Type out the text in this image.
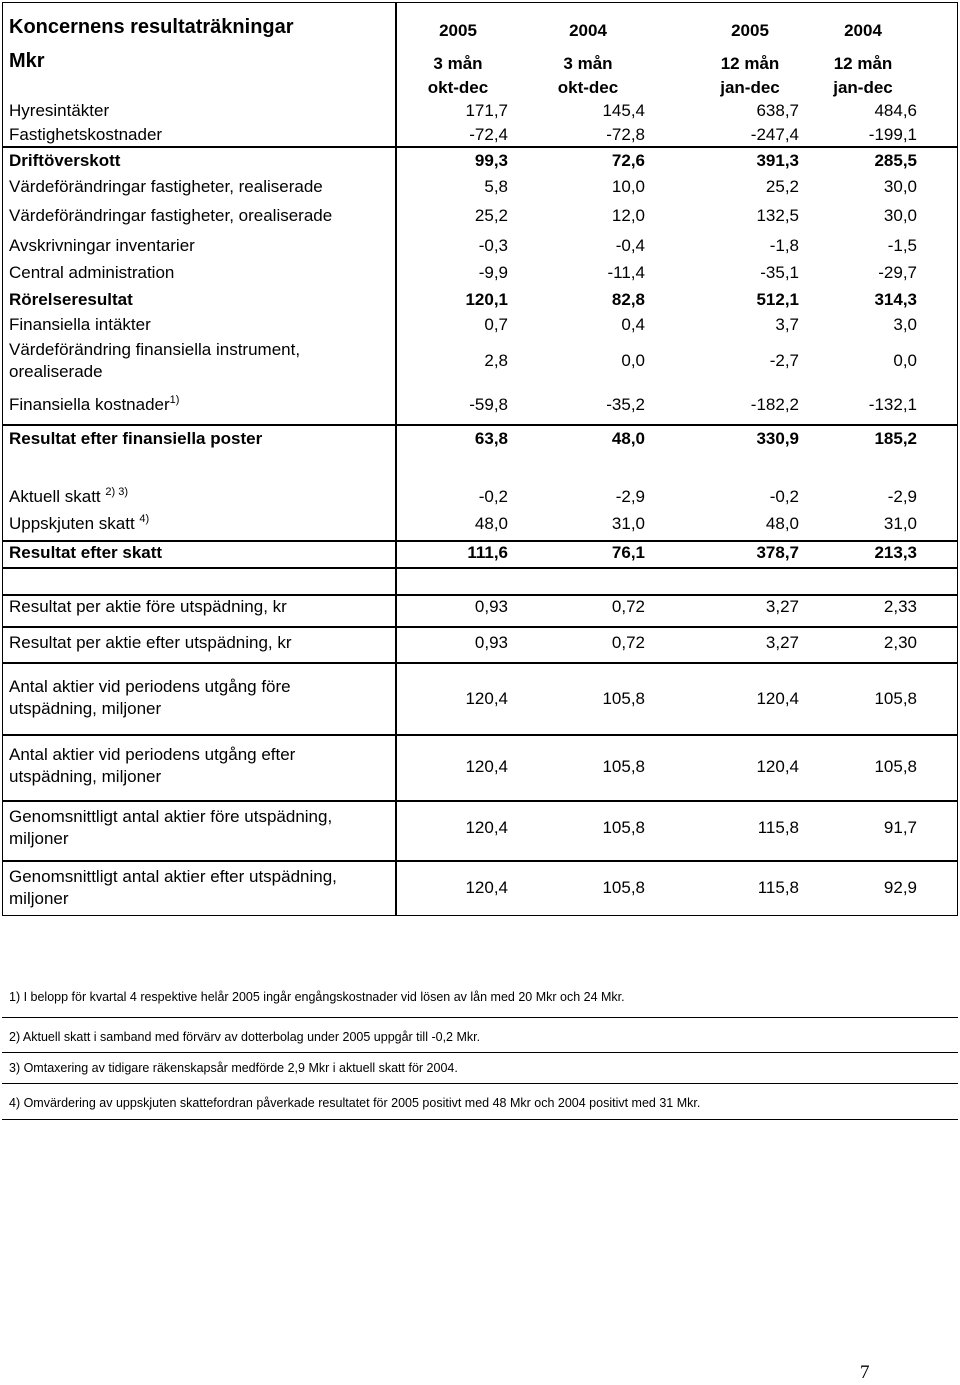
Koncernens resultaträkningar
Mkr
2005	2004	2005	2004
3 mån	3 mån	12 mån	12 mån
okt-dec	okt-dec	jan-dec	jan-dec
Hyresintäkter	171,7	145,4	638,7	484,6
Fastighetskostnader	-72,4	-72,8	-247,4	-199,1
Driftöverskott	99,3	72,6	391,3	285,5
Värdeförändringar fastigheter, realiserade	5,8	10,0	25,2	30,0
Värdeförändringar fastigheter, orealiserade	25,2	12,0	132,5	30,0
Avskrivningar inventarier	-0,3	-0,4	-1,8	-1,5
Central administration	-9,9	-11,4	-35,1	-29,7
Rörelseresultat	120,1	82,8	512,1	314,3
Finansiella intäkter	0,7	0,4	3,7	3,0
Värdeförändring finansiella instrument,
orealiserade
2,8	0,0	-2,7	0,0
Finansiella kostnader$^{1)}$	-59,8	-35,2	-182,2	-132,1
Resultat efter finansiella poster	63,8	48,0	330,9	185,2
Aktuell skatt $^{2) 3)}$	-0,2	-2,9	-0,2	-2,9
Uppskjuten skatt $^{4)}$	48,0	31,0	48,0	31,0
Resultat efter skatt	111,6	76,1	378,7	213,3
Resultat per aktie före utspädning, kr	0,93	0,72	3,27	2,33
Resultat per aktie efter utspädning, kr	0,93	0,72	3,27	2,30
Antal aktier vid periodens utgång före
utspädning, miljoner
120,4	105,8	120,4	105,8
Antal aktier vid periodens utgång efter
utspädning, miljoner
120,4	105,8	120,4	105,8
Genomsnittligt antal aktier före utspädning,
miljoner
120,4	105,8	115,8	91,7
Genomsnittligt antal aktier efter utspädning,
miljoner
120,4	105,8	115,8	92,9
1) I belopp för kvartal 4 respektive helår 2005 ingår engångskostnader vid lösen av lån med 20 Mkr och 24 Mkr.
2) Aktuell skatt i samband med förvärv av dotterbolag under 2005 uppgår till -0,2 Mkr.
3) Omtaxering av tidigare räkenskapsår medförde 2,9 Mkr i aktuell skatt för 2004.
4) Omvärdering av uppskjuten skattefordran påverkade resultatet för 2005 positivt med 48 Mkr och 2004 positivt med 31 Mkr.
7
